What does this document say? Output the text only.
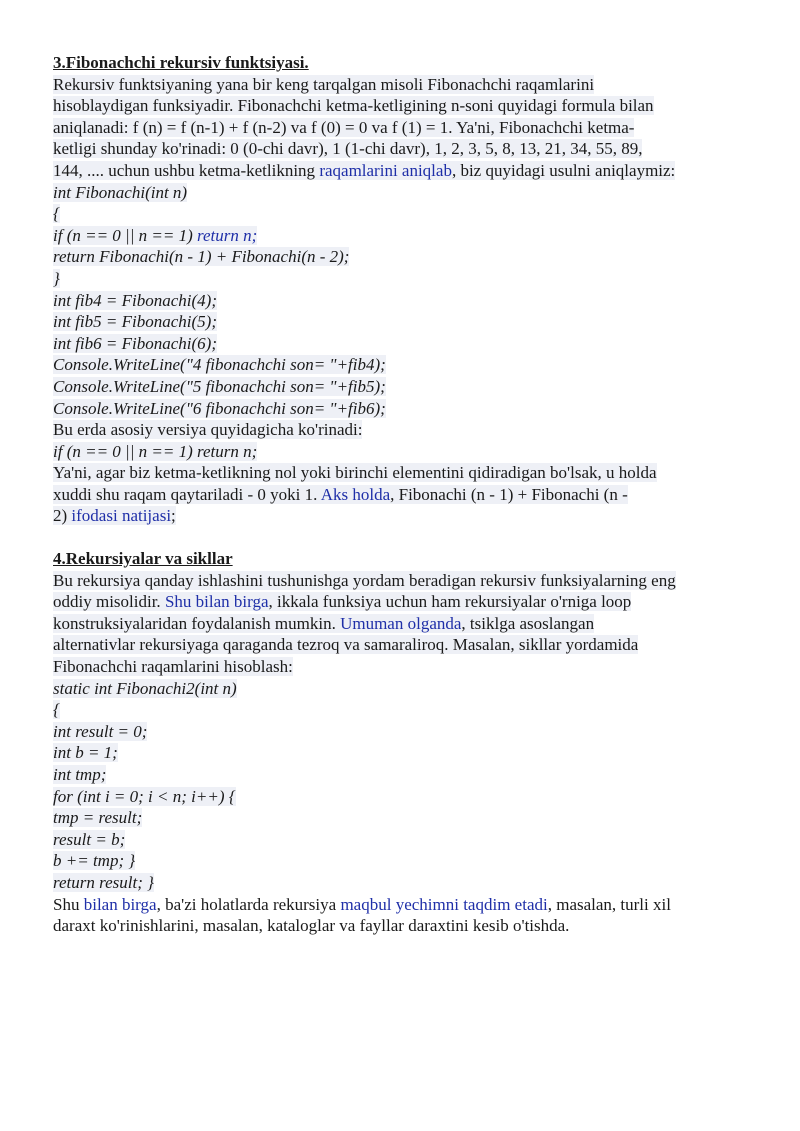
3.Fibonachchi rekursiv funktsiyasi.

Rekursiv funktsiyaning yana bir keng tarqalgan misoli Fibonachchi raqamlarini

hisoblaydigan funksiyadir. Fibonachchi ketma-ketligining n-soni quyidagi formula bilan

aniqlanadi: f (n) = f (n-1) + f (n-2) va f (0) = 0 va f (1) = 1. Ya'ni, Fibonachchi ketma-

ketligi shunday ko'rinadi: 0 (0-chi davr), 1 (1-chi davr), 1, 2, 3, 5, 8, 13, 21, 34, 55, 89,

144, .... uchun ushbu ketma-ketlikning raqamlarini aniqlab, biz quyidagi usulni aniqlaymiz:

int Fibonachi(int n)

{

if (n == 0 || n == 1) return n;

return Fibonachi(n - 1) + Fibonachi(n - 2);

}

int fib4 = Fibonachi(4);

int fib5 = Fibonachi(5);

int fib6 = Fibonachi(6);

Console.WriteLine("4 fibonachchi son= "+fib4);

Console.WriteLine("5 fibonachchi son= "+fib5);

Console.WriteLine("6 fibonachchi son= "+fib6);

Bu erda asosiy versiya quyidagicha ko'rinadi:

if (n == 0 || n == 1) return n;

Ya'ni, agar biz ketma-ketlikning nol yoki birinchi elementini qidiradigan bo'lsak, u holda

xuddi shu raqam qaytariladi - 0 yoki 1. Aks holda, Fibonachi (n - 1) + Fibonachi (n -

2) ifodasi natijasi;

4.Rekursiyalar va sikllar

Bu rekursiya qanday ishlashini tushunishga yordam beradigan rekursiv funksiyalarning eng

oddiy misolidir. Shu bilan birga, ikkala funksiya uchun ham rekursiyalar o'rniga loop

konstruksiyalaridan foydalanish mumkin. Umuman olganda, tsiklga asoslangan

alternativlar rekursiyaga qaraganda tezroq va samaraliroq. Masalan, sikllar yordamida

Fibonachchi raqamlarini hisoblash:

static int Fibonachi2(int n)

{

int result = 0;

int b = 1;

int tmp;

for (int i = 0; i < n; i++) {

tmp = result;

result = b;

b += tmp; }

return result; }

Shu bilan birga, ba'zi holatlarda rekursiya maqbul yechimni taqdim etadi, masalan, turli xil

daraxt ko'rinishlarini, masalan, kataloglar va fayllar daraxtini kesib o'tishda.
